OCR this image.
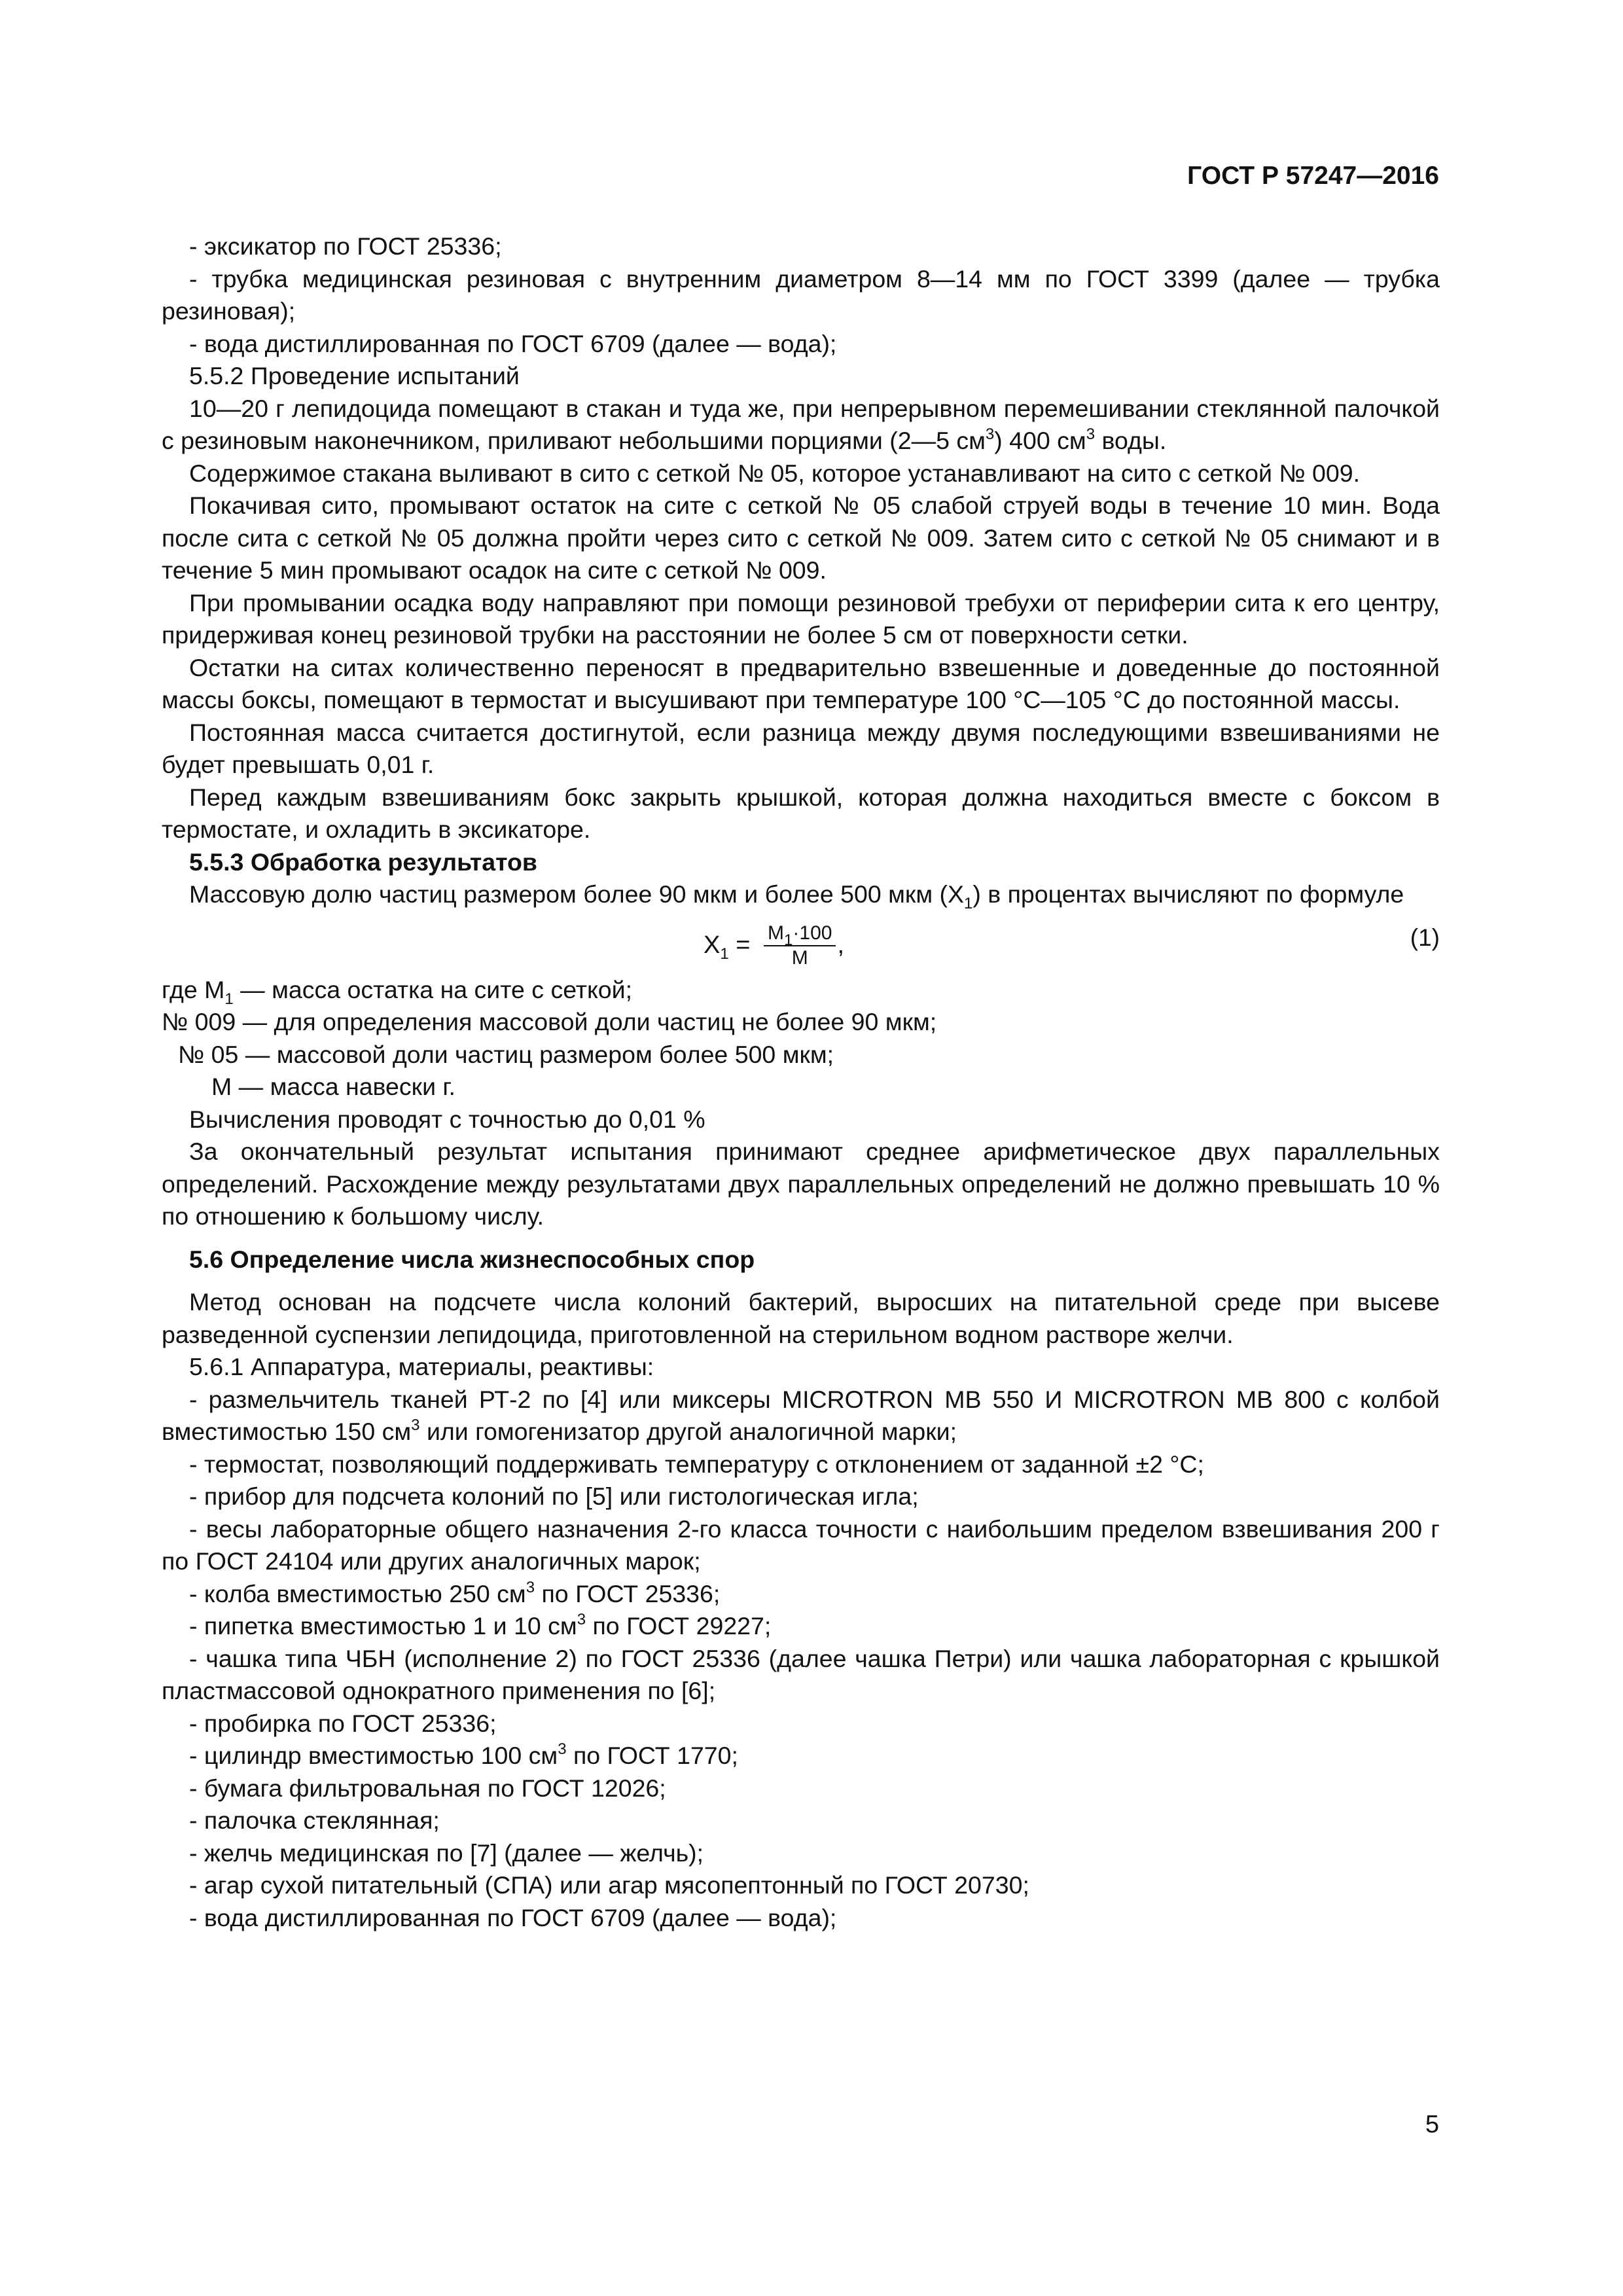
ГОСТ Р 57247—2016

- эксикатор по ГОСТ 25336;

- трубка медицинская резиновая с внутренним диаметром 8—14 мм по ГОСТ 3399 (далее — трубка резиновая);

- вода дистиллированная по ГОСТ 6709 (далее — вода);

5.5.2 Проведение испытаний

10—20 г лепидоцида помещают в стакан и туда же, при непрерывном перемешивании стеклянной палочкой с резиновым наконечником, приливают небольшими порциями (2—5 $см^3$) 400 $см^3$ воды.

Содержимое стакана выливают в сито с сеткой № 05, которое устанавливают на сито с сеткой № 009.

Покачивая сито, промывают остаток на сите с сеткой № 05 слабой струей воды в течение 10 мин. Вода после сита с сеткой № 05 должна пройти через сито с сеткой № 009. Затем сито с сеткой № 05 снимают и в течение 5 мин промывают осадок на сите с сеткой № 009.

При промывании осадка воду направляют при помощи резиновой требухи от периферии сита к его центру, придерживая конец резиновой трубки на расстоянии не более 5 см от поверхности сетки.

Остатки на ситах количественно переносят в предварительно взвешенные и доведенные до постоянной массы боксы, помещают в термостат и высушивают при температуре 100 °С—105 °С до постоянной массы.

Постоянная масса считается достигнутой, если разница между двумя последующими взвешиваниями не будет превышать 0,01 г.

Перед каждым взвешиваниям бокс закрыть крышкой, которая должна находиться вместе с боксом в термостате, и охладить в эксикаторе.

5.5.3 Обработка результатов

Массовую долю частиц размером более 90 мкм и более 500 мкм $(Х_1)$ в процентах вычисляют по формуле

$Х_1 = \frac{М_1\cdot 100}{М}$ ,	(1)

где $М_1$ — масса остатка на сите с сеткой;

№ 009 — для определения массовой доли частиц не более 90 мкм;

№ 05 — массовой доли частиц размером более 500 мкм;

М — масса навески г.

Вычисления проводят с точностью до 0,01 %

За окончательный результат испытания принимают среднее арифметическое двух параллельных определений. Расхождение между результатами двух параллельных определений не должно превышать 10 % по отношению к большому числу.

5.6 Определение числа жизнеспособных спор

Метод основан на подсчете числа колоний бактерий, выросших на питательной среде при высеве разведенной суспензии лепидоцида, приготовленной на стерильном водном растворе желчи.

5.6.1 Аппаратура, материалы, реактивы:

- размельчитель тканей РТ-2 по [4] или миксеры MICROTRON МВ 550 И MICROTRON МВ 800 с колбой вместимостью 150 $см^3$ или гомогенизатор другой аналогичной марки;

- термостат, позволяющий поддерживать температуру с отклонением от заданной ±2 °С;

- прибор для подсчета колоний по [5] или гистологическая игла;

- весы лабораторные общего назначения 2-го класса точности с наибольшим пределом взвешивания 200 г по ГОСТ 24104 или других аналогичных марок;

- колба вместимостью 250 $см^3$ по ГОСТ 25336;

- пипетка вместимостью 1 и 10 $см^3$ по ГОСТ 29227;

- чашка типа ЧБН (исполнение 2) по ГОСТ 25336 (далее чашка Петри) или чашка лабораторная с крышкой пластмассовой однократного применения по [6];

- пробирка по ГОСТ 25336;

- цилиндр вместимостью 100 $см^3$ по ГОСТ 1770;

- бумага фильтровальная по ГОСТ 12026;

- палочка стеклянная;

- желчь медицинская по [7] (далее — желчь);

- агар сухой питательный (СПА) или агар мясопептонный по ГОСТ 20730;

- вода дистиллированная по ГОСТ 6709 (далее — вода);

5
